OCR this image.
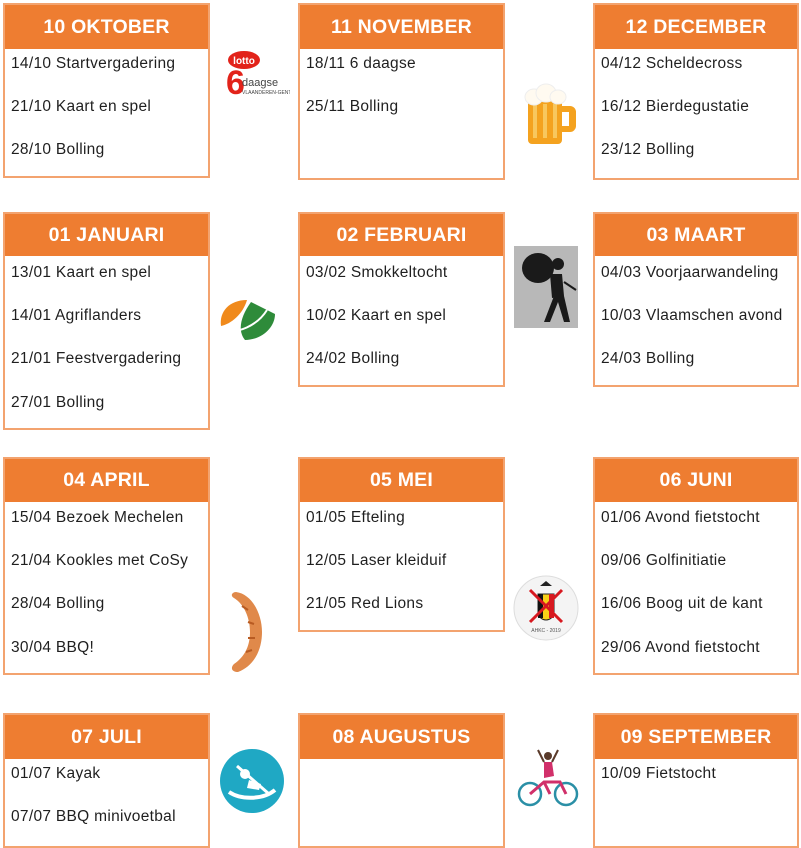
10 OKTOBER
14/10 Startvergadering
21/10 Kaart en spel
28/10 Bolling
11 NOVEMBER
18/11 6 daagse
25/11 Bolling
12 DECEMBER
04/12 Scheldecross
16/12 Bierdegustatie
23/12 Bolling
01 JANUARI
13/01 Kaart en spel
14/01 Agriflanders
21/01 Feestvergadering
27/01 Bolling
02 FEBRUARI
03/02 Smokkeltocht
10/02 Kaart en spel
24/02 Bolling
03 MAART
04/03 Voorjaarwandeling
10/03 Vlaamschen avond
24/03 Bolling
04 APRIL
15/04 Bezoek Mechelen
21/04 Kookles met CoSy
28/04 Bolling
30/04 BBQ!
05 MEI
01/05 Efteling
12/05 Laser kleiduif
21/05 Red Lions
06 JUNI
01/06 Avond fietstocht
09/06 Golfinitiatie
16/06 Boog uit de kant
29/06 Avond fietstocht
07 JULI
01/07 Kayak
07/07 BBQ minivoetbal
08 AUGUSTUS	09 SEPTEMBER
10/09 Fietstocht
lotto
6
daagse
VLAANDEREN-GENT
AHKC - 2019
